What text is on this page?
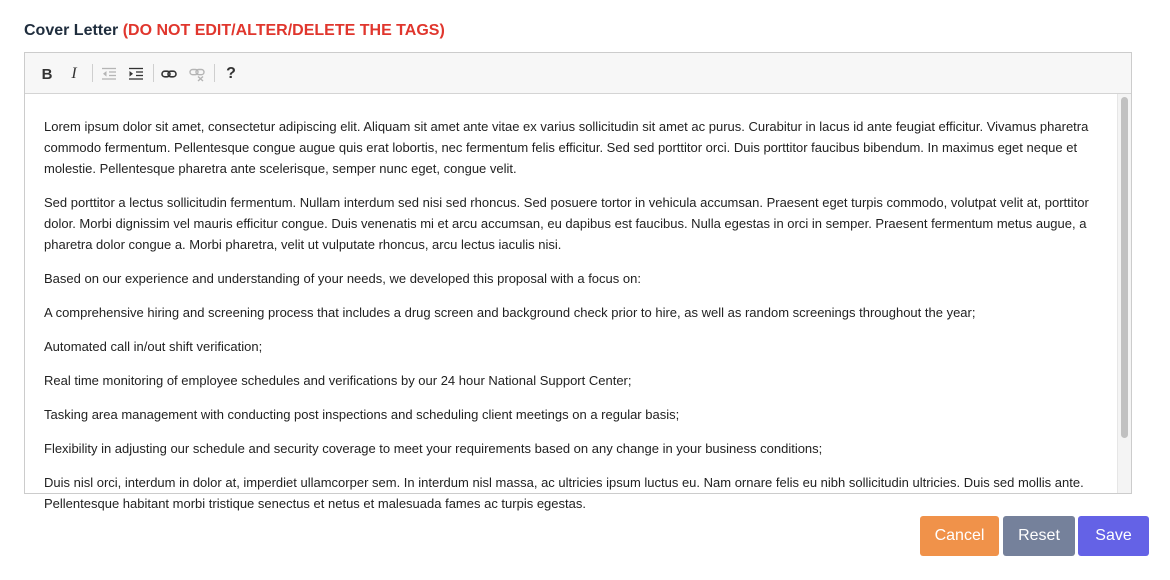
Cover Letter (DO NOT EDIT/ALTER/DELETE THE TAGS)
B I	?

Lorem ipsum dolor sit amet, consectetur adipiscing elit. Aliquam sit amet ante vitae ex varius sollicitudin sit amet ac purus. Curabitur in lacus id ante feugiat efficitur. Vivamus pharetra commodo fermentum. Pellentesque congue augue quis erat lobortis, nec fermentum felis efficitur. Sed sed porttitor orci. Duis porttitor faucibus bibendum. In maximus eget neque et molestie. Pellentesque pharetra ante scelerisque, semper nunc eget, congue velit.

Sed porttitor a lectus sollicitudin fermentum. Nullam interdum sed nisi sed rhoncus. Sed posuere tortor in vehicula accumsan. Praesent eget turpis commodo, volutpat velit at, porttitor dolor. Morbi dignissim vel mauris efficitur congue. Duis venenatis mi et arcu accumsan, eu dapibus est faucibus. Nulla egestas in orci in semper. Praesent fermentum metus augue, a pharetra dolor congue a. Morbi pharetra, velit ut vulputate rhoncus, arcu lectus iaculis nisi.

Based on our experience and understanding of your needs, we developed this proposal with a focus on:

A comprehensive hiring and screening process that includes a drug screen and background check prior to hire, as well as random screenings throughout the year;

Automated call in/out shift verification;

Real time monitoring of employee schedules and verifications by our 24 hour National Support Center;

Tasking area management with conducting post inspections and scheduling client meetings on a regular basis;

Flexibility in adjusting our schedule and security coverage to meet your requirements based on any change in your business conditions;

Duis nisl orci, interdum in dolor at, imperdiet ullamcorper sem. In interdum nisl massa, ac ultricies ipsum luctus eu. Nam ornare felis eu nibh sollicitudin ultricies. Duis sed mollis ante. Pellentesque habitant morbi tristique senectus et netus et malesuada fames ac turpis egestas.

Cancel	Reset	Save
